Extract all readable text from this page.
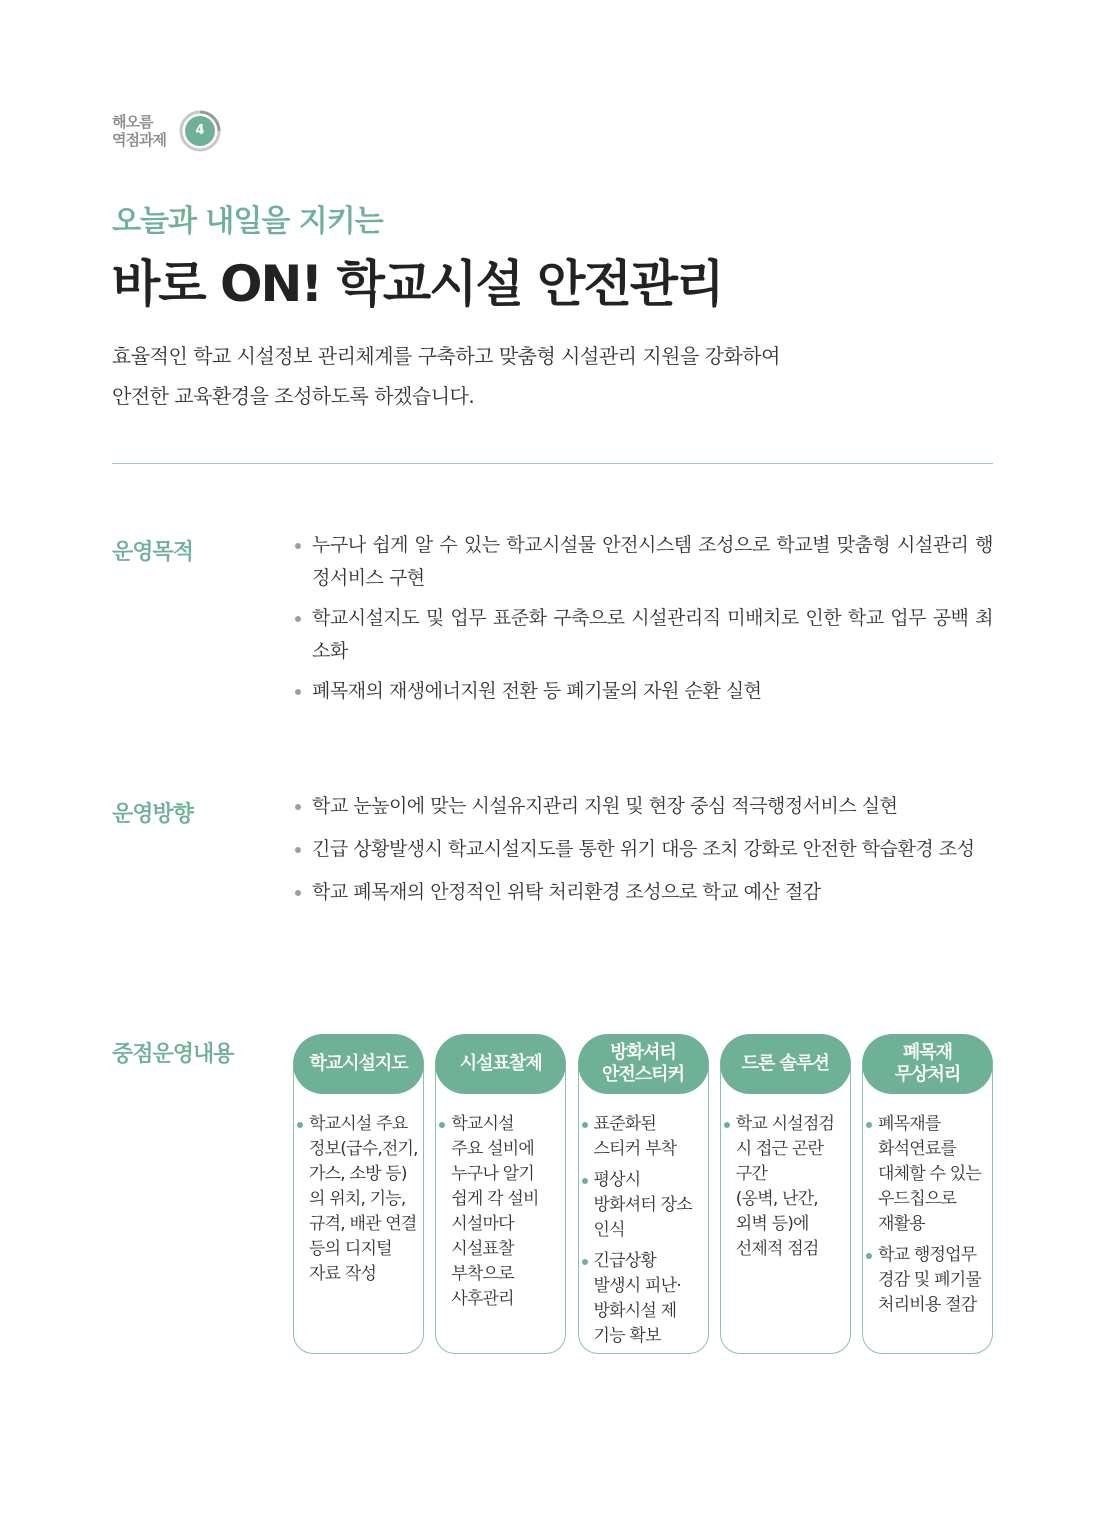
해오름
역점과제
4
오늘과 내일을 지키는
바로 ON! 학교시설 안전관리
효율적인 학교 시설정보 관리체계를 구축하고 맞춤형 시설관리 지원을 강화하여
안전한 교육환경을 조성하도록 하겠습니다.
운영목적	누구나 쉽게 알 수 있는 학교시설물 안전시스템 조성으로 학교별 맞춤형 시설관리 행정서비스 구현
학교시설지도 및 업무 표준화 구축으로 시설관리직 미배치로 인한 학교 업무 공백 최소화
폐목재의 재생에너지원 전환 등 폐기물의 자원 순환 실현
운영방향	학교 눈높이에 맞는 시설유지관리 지원 및 현장 중심 적극행정서비스 실현
긴급 상황발생시 학교시설지도를 통한 위기 대응 조치 강화로 안전한 학습환경 조성
학교 폐목재의 안정적인 위탁 처리환경 조성으로 학교 예산 절감
중점운영내용	학교시설지도
학교시설 주요
정보(급수,전기,
가스, 소방 등)
의 위치, 기능,
규격, 배관 연결
등의 디지털
자료 작성
시설표찰제
학교시설
주요 설비에
누구나 알기
쉽게 각 설비
시설마다
시설표찰
부착으로
사후관리
방화셔터
안전스티커
표준화된
스티커 부착
평상시
방화셔터 장소
인식
긴급상황
발생시 피난·
방화시설 제
기능 확보
드론 솔루션
학교 시설점검
시 접근 곤란
구간
(옹벽, 난간,
외벽 등)에
선제적 점검
폐목재
무상처리
폐목재를
화석연료를
대체할 수 있는
우드칩으로
재활용
학교 행정업무
경감 및 폐기물
처리비용 절감
